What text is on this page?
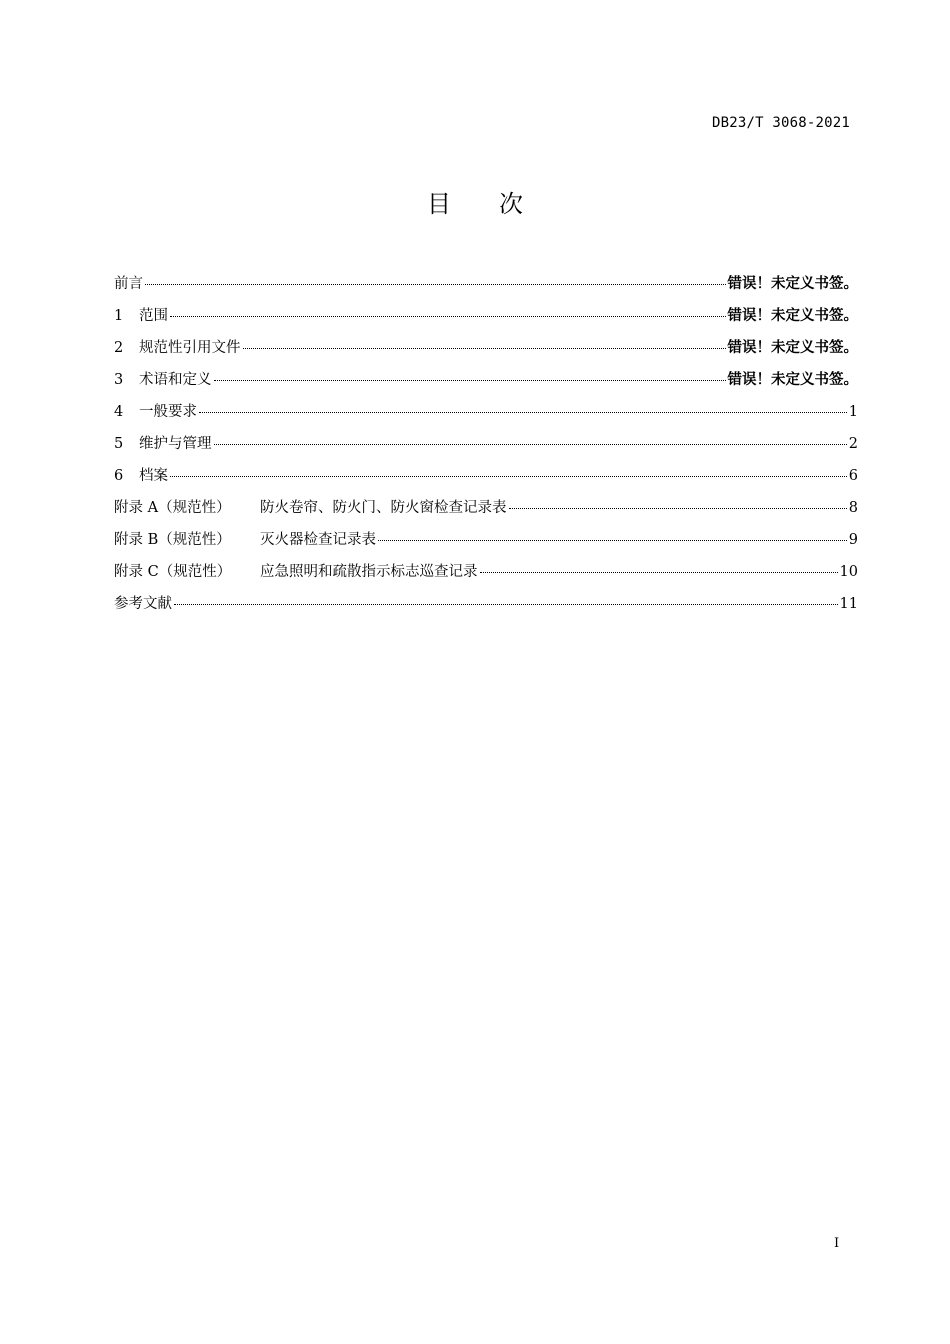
DB23/T 3068-2021
目次
前言	错误！未定义书签。
1	范围	错误！未定义书签。
2	规范性引用文件	错误！未定义书签。
3	术语和定义	错误！未定义书签。
4	一般要求	1
5	维护与管理	2
6	档案	6
附录 A（规范性）	防火卷帘、防火门、防火窗检查记录表	8
附录 B（规范性）	灭火器检查记录表	9
附录 C（规范性）	应急照明和疏散指示标志巡查记录	10
参考文献	11
I
